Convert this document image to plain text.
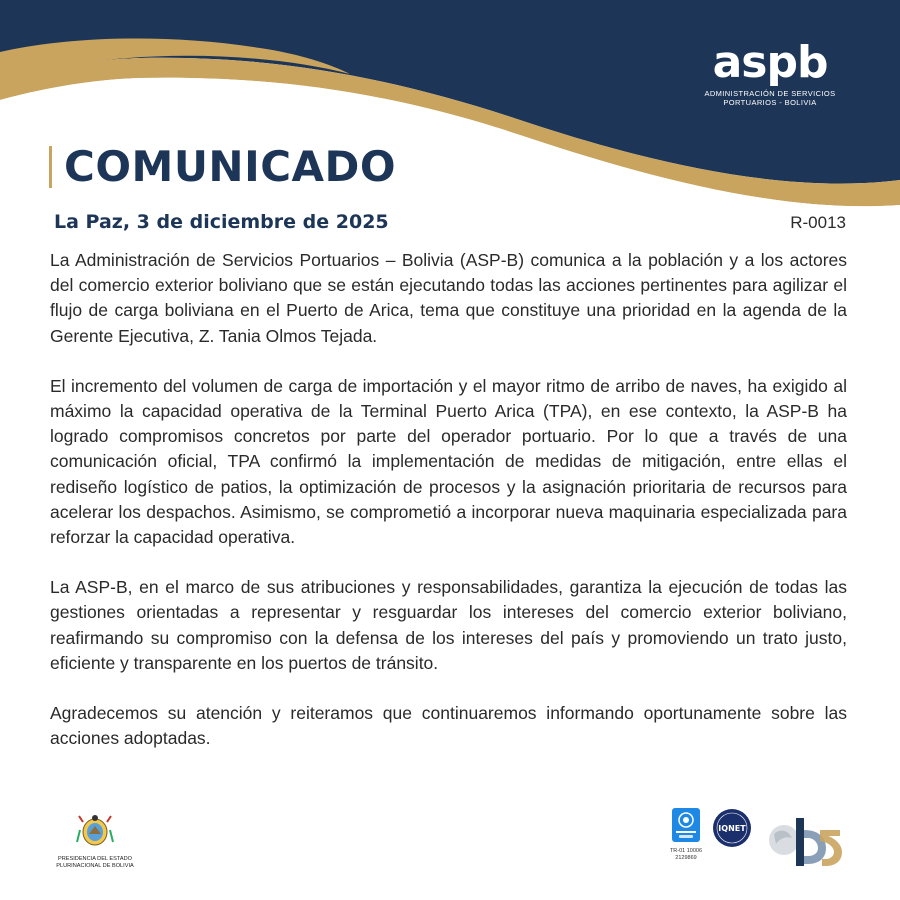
aspb
ADMINISTRACIÓN DE SERVICIOS
PORTUARIOS - BOLIVIA
COMUNICADO
La Paz, 3 de diciembre de 2025	R-0013

La Administración de Servicios Portuarios – Bolivia (ASP-B) comunica a la población y a los actores del comercio exterior boliviano que se están ejecutando todas las acciones pertinentes para agilizar el flujo de carga boliviana en el Puerto de Arica, tema que constituye una prioridad en la agenda de la Gerente Ejecutiva, Z. Tania Olmos Tejada.

El incremento del volumen de carga de importación y el mayor ritmo de arribo de naves, ha exigido al máximo la capacidad operativa de la Terminal Puerto Arica (TPA), en ese contexto, la ASP-B ha logrado compromisos concretos por parte del operador portuario. Por lo que a través de una comunicación oficial, TPA confirmó la implementación de medidas de mitigación, entre ellas el rediseño logístico de patios, la optimización de procesos y la asignación prioritaria de recursos para acelerar los despachos. Asimismo, se comprometió a incorporar nueva maquinaria especializada para reforzar la capacidad operativa.

La ASP-B, en el marco de sus atribuciones y responsabilidades, garantiza la ejecución de todas las gestiones orientadas a representar y resguardar los intereses del comercio exterior boliviano, reafirmando su compromiso con la defensa de los intereses del país y promoviendo un trato justo, eficiente y transparente en los puertos de tránsito.

Agradecemos su atención y reiteramos que continuaremos informando oportunamente sobre las acciones adoptadas.

PRESIDENCIA DEL ESTADO
PLURINACIONAL DE BOLIVIA
TR-01 10006
2129869
IQNET
